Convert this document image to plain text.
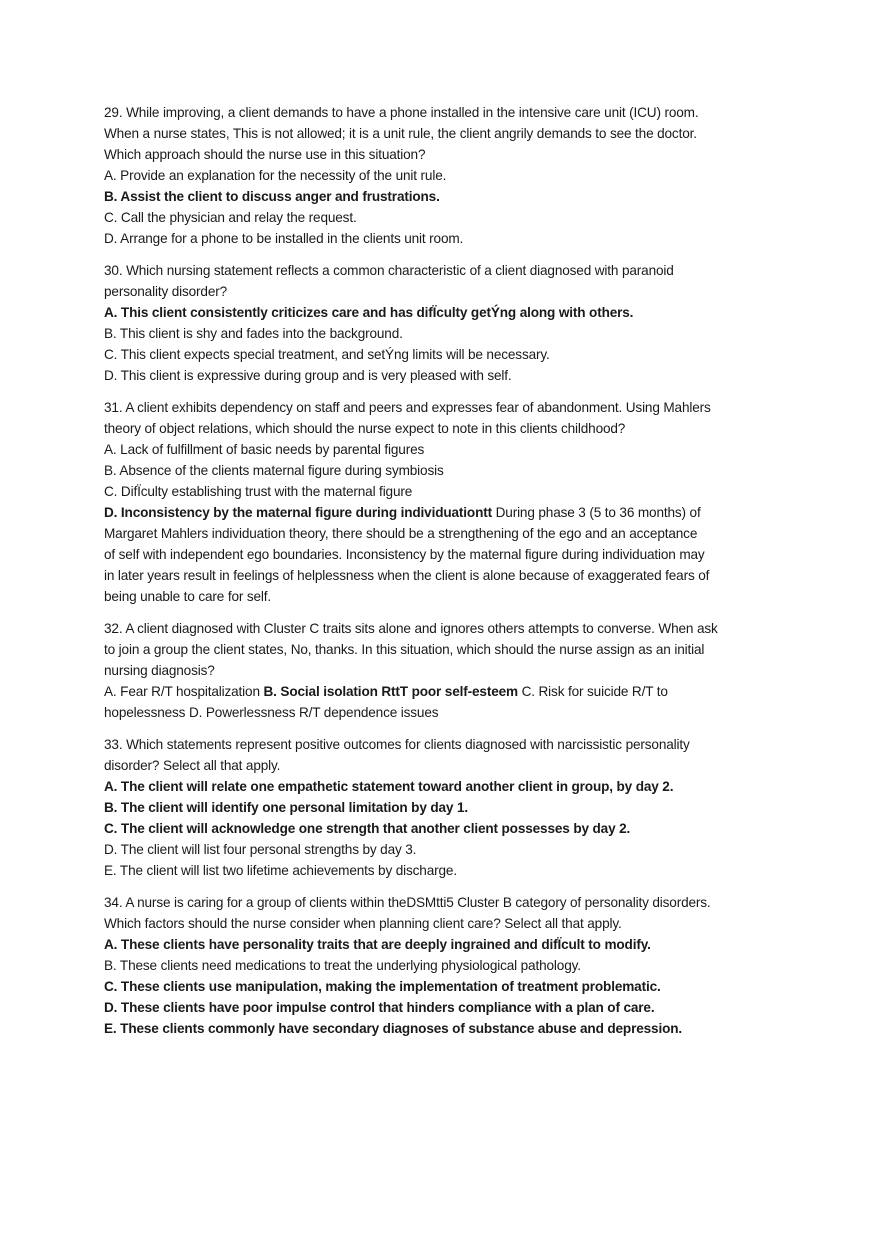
29. While improving, a client demands to have a phone installed in the intensive care unit (ICU) room.
When a nurse states, This is not allowed; it is a unit rule, the client angrily demands to see the doctor.
Which approach should the nurse use in this situation?
A. Provide an explanation for the necessity of the unit rule.
B. Assist the client to discuss anger and frustrations.
C. Call the physician and relay the request.
D. Arrange for a phone to be installed in the clients unit room.
30. Which nursing statement reflects a common characteristic of a client diagnosed with paranoid
personality disorder?
A. This client consistently criticizes care and has difÏculty getÝng along with others.
B. This client is shy and fades into the background.
C. This client expects special treatment, and setÝng limits will be necessary.
D. This client is expressive during group and is very pleased with self.
31. A client exhibits dependency on staff and peers and expresses fear of abandonment. Using Mahlers
theory of object relations, which should the nurse expect to note in this clients childhood?
A. Lack of fulfillment of basic needs by parental figures
B. Absence of the clients maternal figure during symbiosis
C. DifÏculty establishing trust with the maternal figure
D. Inconsistency by the maternal figure during individuationtt During phase 3 (5 to 36 months) of
Margaret Mahlers individuation theory, there should be a strengthening of the ego and an acceptance
of self with independent ego boundaries. Inconsistency by the maternal figure during individuation may
in later years result in feelings of helplessness when the client is alone because of exaggerated fears of
being unable to care for self.
32. A client diagnosed with Cluster C traits sits alone and ignores others attempts to converse. When ask
to join a group the client states, No, thanks. In this situation, which should the nurse assign as an initial
nursing diagnosis?
A. Fear R/T hospitalization B. Social isolation RttT poor self-esteem C. Risk for suicide R/T to
hopelessness D. Powerlessness R/T dependence issues
33. Which statements represent positive outcomes for clients diagnosed with narcissistic personality
disorder? Select all that apply.
A. The client will relate one empathetic statement toward another client in group, by day 2.
B. The client will identify one personal limitation by day 1.
C. The client will acknowledge one strength that another client possesses by day 2.
D. The client will list four personal strengths by day 3.
E. The client will list two lifetime achievements by discharge.
34. A nurse is caring for a group of clients within theDSMtti5 Cluster B category of personality disorders.
Which factors should the nurse consider when planning client care? Select all that apply.
A. These clients have personality traits that are deeply ingrained and difÏcult to modify.
B. These clients need medications to treat the underlying physiological pathology.
C. These clients use manipulation, making the implementation of treatment problematic.
D. These clients have poor impulse control that hinders compliance with a plan of care.
E. These clients commonly have secondary diagnoses of substance abuse and depression.
